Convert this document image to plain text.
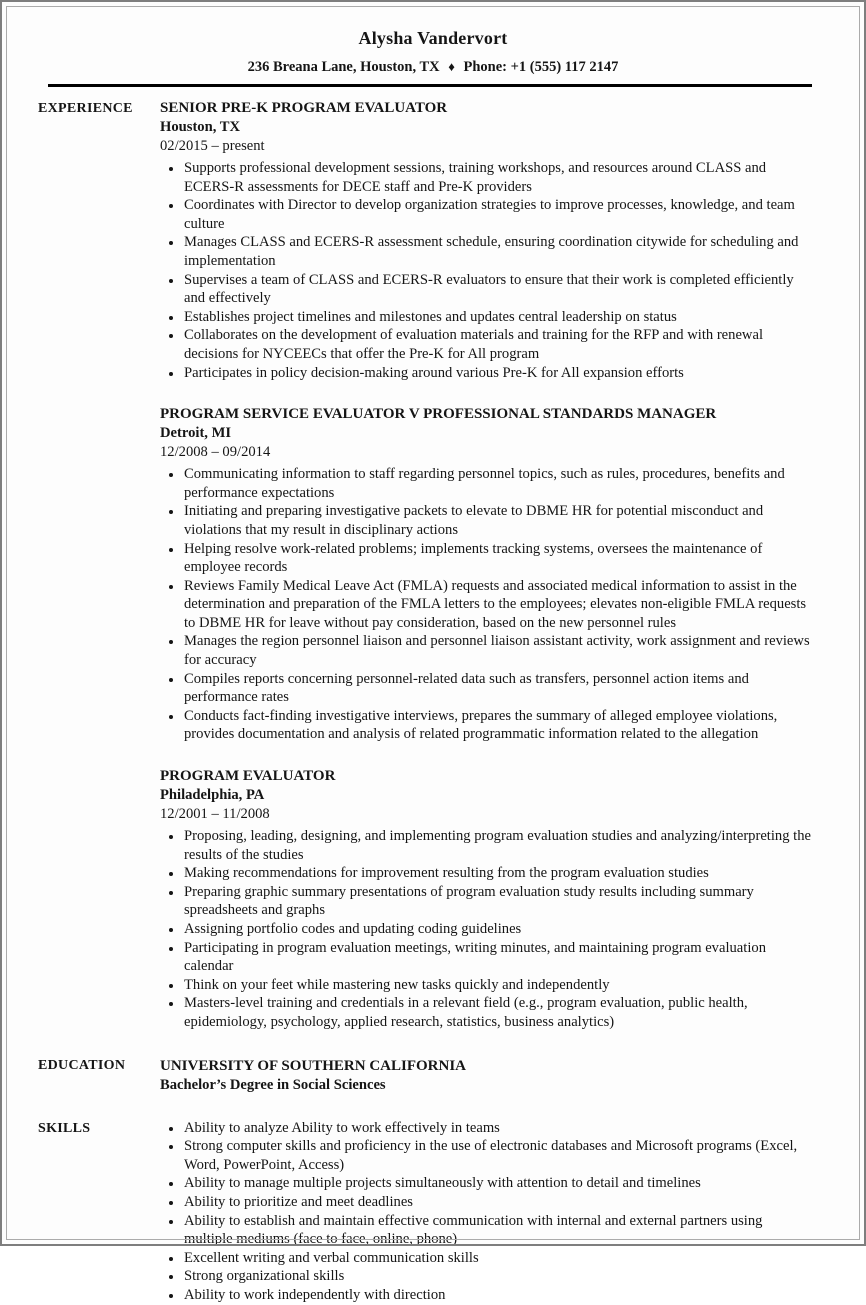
Alysha Vandervort
236 Breana Lane, Houston, TX ♦ Phone: +1 (555) 117 2147
EXPERIENCE	SENIOR PRE-K PROGRAM EVALUATOR
Houston, TX
02/2015 – present
• Supports professional development sessions, training workshops, and resources around CLASS and ECERS-R assessments for DECE staff and Pre-K providers
• Coordinates with Director to develop organization strategies to improve processes, knowledge, and team culture
• Manages CLASS and ECERS-R assessment schedule, ensuring coordination citywide for scheduling and implementation
• Supervises a team of CLASS and ECERS-R evaluators to ensure that their work is completed efficiently and effectively
• Establishes project timelines and milestones and updates central leadership on status
• Collaborates on the development of evaluation materials and training for the RFP and with renewal decisions for NYCEECs that offer the Pre-K for All program
• Participates in policy decision-making around various Pre-K for All expansion efforts
PROGRAM SERVICE EVALUATOR V PROFESSIONAL STANDARDS MANAGER
Detroit, MI
12/2008 – 09/2014
• Communicating information to staff regarding personnel topics, such as rules, procedures, benefits and performance expectations
• Initiating and preparing investigative packets to elevate to DBME HR for potential misconduct and violations that my result in disciplinary actions
• Helping resolve work-related problems; implements tracking systems, oversees the maintenance of employee records
• Reviews Family Medical Leave Act (FMLA) requests and associated medical information to assist in the determination and preparation of the FMLA letters to the employees; elevates non-eligible FMLA requests to DBME HR for leave without pay consideration, based on the new personnel rules
• Manages the region personnel liaison and personnel liaison assistant activity, work assignment and reviews for accuracy
• Compiles reports concerning personnel-related data such as transfers, personnel action items and performance rates
• Conducts fact-finding investigative interviews, prepares the summary of alleged employee violations, provides documentation and analysis of related programmatic information related to the allegation
PROGRAM EVALUATOR
Philadelphia, PA
12/2001 – 11/2008
• Proposing, leading, designing, and implementing program evaluation studies and analyzing/interpreting the results of the studies
• Making recommendations for improvement resulting from the program evaluation studies
• Preparing graphic summary presentations of program evaluation study results including summary spreadsheets and graphs
• Assigning portfolio codes and updating coding guidelines
• Participating in program evaluation meetings, writing minutes, and maintaining program evaluation calendar
• Think on your feet while mastering new tasks quickly and independently
• Masters-level training and credentials in a relevant field (e.g., program evaluation, public health, epidemiology, psychology, applied research, statistics, business analytics)
EDUCATION	UNIVERSITY OF SOUTHERN CALIFORNIA
Bachelor’s Degree in Social Sciences
SKILLS	• Ability to analyze Ability to work effectively in teams
• Strong computer skills and proficiency in the use of electronic databases and Microsoft programs (Excel, Word, PowerPoint, Access)
• Ability to manage multiple projects simultaneously with attention to detail and timelines
• Ability to prioritize and meet deadlines
• Ability to establish and maintain effective communication with internal and external partners using multiple mediums (face to face, online, phone)
• Excellent writing and verbal communication skills
• Strong organizational skills
• Ability to work independently with direction
